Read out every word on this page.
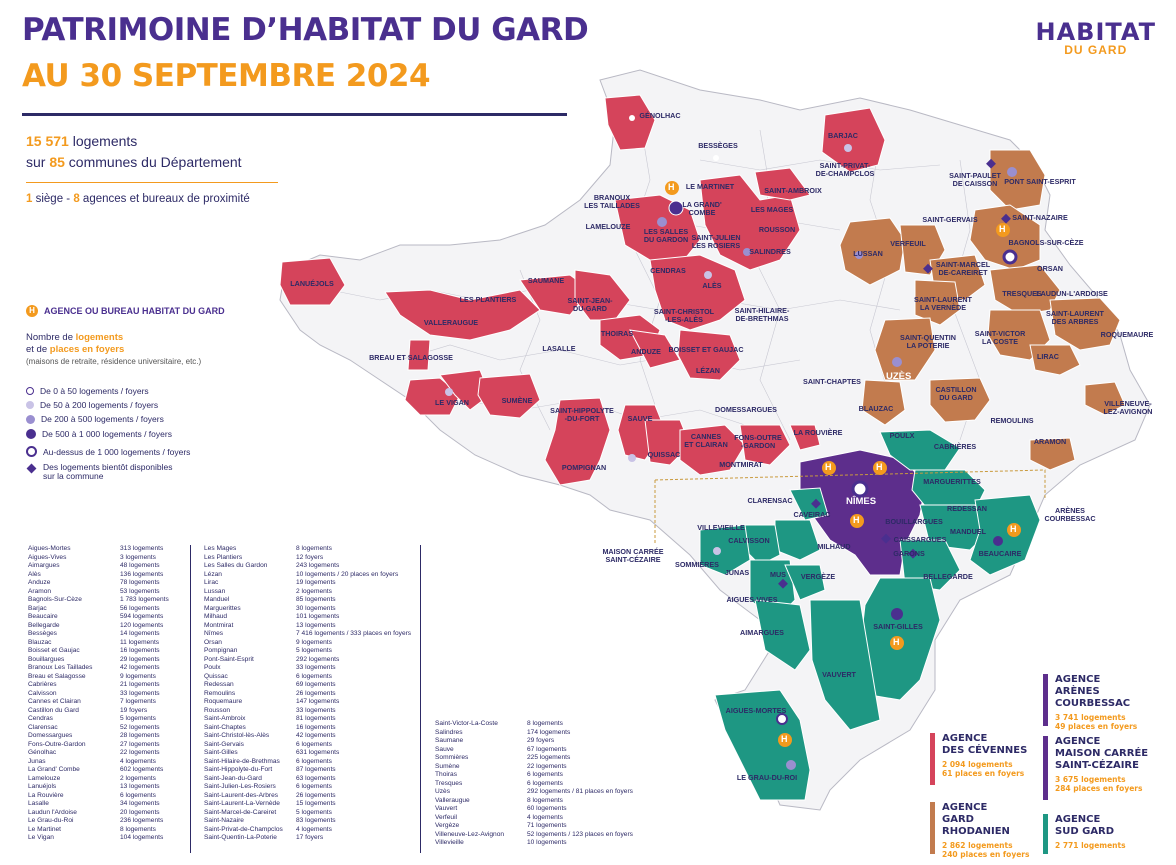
PATRIMOINE D’HABITAT DU GARD
AU 30 SEPTEMBRE 2024
HABITAT
DU GARD
15 571 logements
sur 85 communes du Département
1 siège - 8 agences et bureaux de proximité
H	AGENCE OU BUREAU HABITAT DU GARD
Nombre de logements
et de places en foyers
(maisons de retraite, résidence universitaire, etc.)
De 0 à 50 logements / foyers
De 50 à 200 logements / foyers
De 200 à 500 logements / foyers
De 500 à 1 000 logements / foyers
Au-dessus de 1 000 logements / foyers
Des logements bientôt disponibles
sur la commune
Aigues-Mortes	313 logements
Aigues-Vives	3 logements
Aimargues	48 logements
Alès	136 logements
Anduze	78 logements
Aramon	53 logements
Bagnols-Sur-Cèze	1 783 logements
Barjac	56 logements
Beaucaire	594 logements
Bellegarde	120 logements
Bessèges	14 logements
Blauzac	11 logements
Boisset et Gaujac	16 logements
Bouillargues	29 logements
Branoux Les Taillades	42 logements
Breau et Salagosse	9 logements
Cabrières	21 logements
Calvisson	33 logements
Cannes et Clairan	7 logements
Castillon du Gard	19 foyers
Cendras	5 logements
Clarensac	52 logements
Domessargues	28 logements
Fons-Outre-Gardon	27 logements
Génolhac	22 logements
Junas	4 logements
La Grand' Combe	602 logements
Lamelouze	2 logements
Lanuéjols	13 logements
La Rouvière	6 logements
Lasalle	34 logements
Laudun l'Ardoise	20 logements
Le Grau-du-Roi	236 logements
Le Martinet	8 logements
Le Vigan	104 logements
Les Mages	8 logements
Les Plantiers	12 foyers
Les Salles du Gardon	243 logements
Lézan	10 logements / 20 places en foyers
Lirac	19 logements
Lussan	2 logements
Manduel	85 logements
Marguerittes	30 logements
Milhaud	101 logements
Montmirat	13 logements
Nîmes	7 416 logements / 333 places en foyers
Orsan	9 logements
Pompignan	5 logements
Pont-Saint-Esprit	292 logements
Poulx	33 logements
Quissac	6 logements
Redessan	69 logements
Remoulins	26 logements
Roquemaure	147 logements
Rousson	33 logements
Saint-Ambroix	81 logements
Saint-Chaptes	16 logements
Saint-Christol-lès-Alès	42 logements
Saint-Gervais	6 logements
Saint-Gilles	631 logements
Saint-Hilaire-de-Brethmas	6 logements
Saint-Hippolyte-du-Fort	87 logements
Saint-Jean-du-Gard	63 logements
Saint-Julien-Les-Rosiers	6 logements
Saint-Laurent-des-Arbres	26 logements
Saint-Laurent-La-Vernède	15 logements
Saint-Marcel-de-Careiret	5 logements
Saint-Nazaire	83 logements
Saint-Privat-de-Champclos	4 logements
Saint-Quentin-La-Poterie	17 foyers
Saint-Victor-La-Coste	8 logements
Salindres	174 logements
Saumane	29 foyers
Sauve	67 logements
Sommières	225 logements
Sumène	22 logements
Thoiras	6 logements
Tresques	6 logements
Uzès	292 logements / 81 places en foyers
Valleraugue	8 logements
Vauvert	60 logements
Verfeuil	4 logements
Vergèze	71 logements
Villeneuve-Lez-Avignon	52 logements / 123 places en foyers
Villevieille	10 logements
GÉNOLHAC
BESSÈGES
BARJAC
SAINT-PRIVAT-
DE-CHAMPCLOS
LE MARTINET	SAINT-AMBROIX
BRANOUX
LES TAILLADES	LA GRAND'
COMBE	LES MAGES
LAMELOUZE
LES SALLES
DU GARDON SAINT-JULIEN
LES ROSIERS
ROUSSON
SALINDRES
CENDRAS
ALÈS
LANUÉJOLS	SAUMANE
LES PLANTIERS	SAINT-JEAN-
DU-GARD
VALLERAUGUE
SAINT-CHRISTOL
-LES-ALÈS
SAINT-HILAIRE-
DE-BRETHMAS
THOIRAS
LASALLE	ANDUZE BOISSET ET GAUJAC
BREAU ET SALAGOSSE
LÉZAN
LE VIGAN	SUMÈNE
SAINT-HIPPOLYTE
-DU-FORT	SAUVE
DOMESSARGUES
CANNES
ET CLAIRAN
FONS-OUTRE
-GARDON
LA ROUVIÈRE
QUISSAC
MONTMIRAT
POMPIGNAN
SAINT-PAULET
DE CAISSON PONT SAINT-ESPRIT
SAINT-GERVAIS	SAINT-NAZAIRE
VERFEUIL	BAGNOLS-SUR-CÈZE
LUSSAN
SAINT-MARCEL
DE-CAREIRET	ORSAN
TRESQUES
LAUDUN-L'ARDOISE
SAINT-LAURENT
LA VERNÈDE
SAINT-LAURENT
DES ARBRES
SAINT-VICTOR
LA COSTE
ROQUEMAURE
SAINT-QUENTIN
LA POTERIE
LIRAC
SAINT-CHAPTES
CASTILLON
DU GARD
BLAUZAC
REMOULINS
VILLENEUVE-
LEZ-AVIGNON
ARAMON
POULX
CABRIÈRES
MARGUERITTES
CLARENSAC
CAVEIRAC
REDESSAN
BOUILLARGUES
MANDUEL
MILHAUD
CAISSARGUES
GARONS	BEAUCAIRE
VILLEVIEILLE
CALVISSON
SOMMIÈRES
JUNAS	MUS VERGÈZE	BELLEGARDE
AIGUES-VIVES
AIMARGUES
SAINT-GILLES
VAUVERT
AIGUES-MORTES
LE GRAU-DU-ROI
ARÈNES
COURBESSAC
MAISON CARRÉE
SAINT-CÉZAIRE
UZÈS
NÎMES
AGENCE
DES CÉVENNES
2 094 logements
61 places en foyers
AGENCE
GARD RHODANIEN
2 862 logements
240 places en foyers
AGENCE
ARÈNES COURBESSAC
3 741 logements
49 places en foyers
AGENCE
MAISON CARRÉE
SAINT-CÉZAIRE
3 675 logements
284 places en foyers
AGENCE
SUD GARD
2 771 logements
H
H
H	H
H
H
H
H
